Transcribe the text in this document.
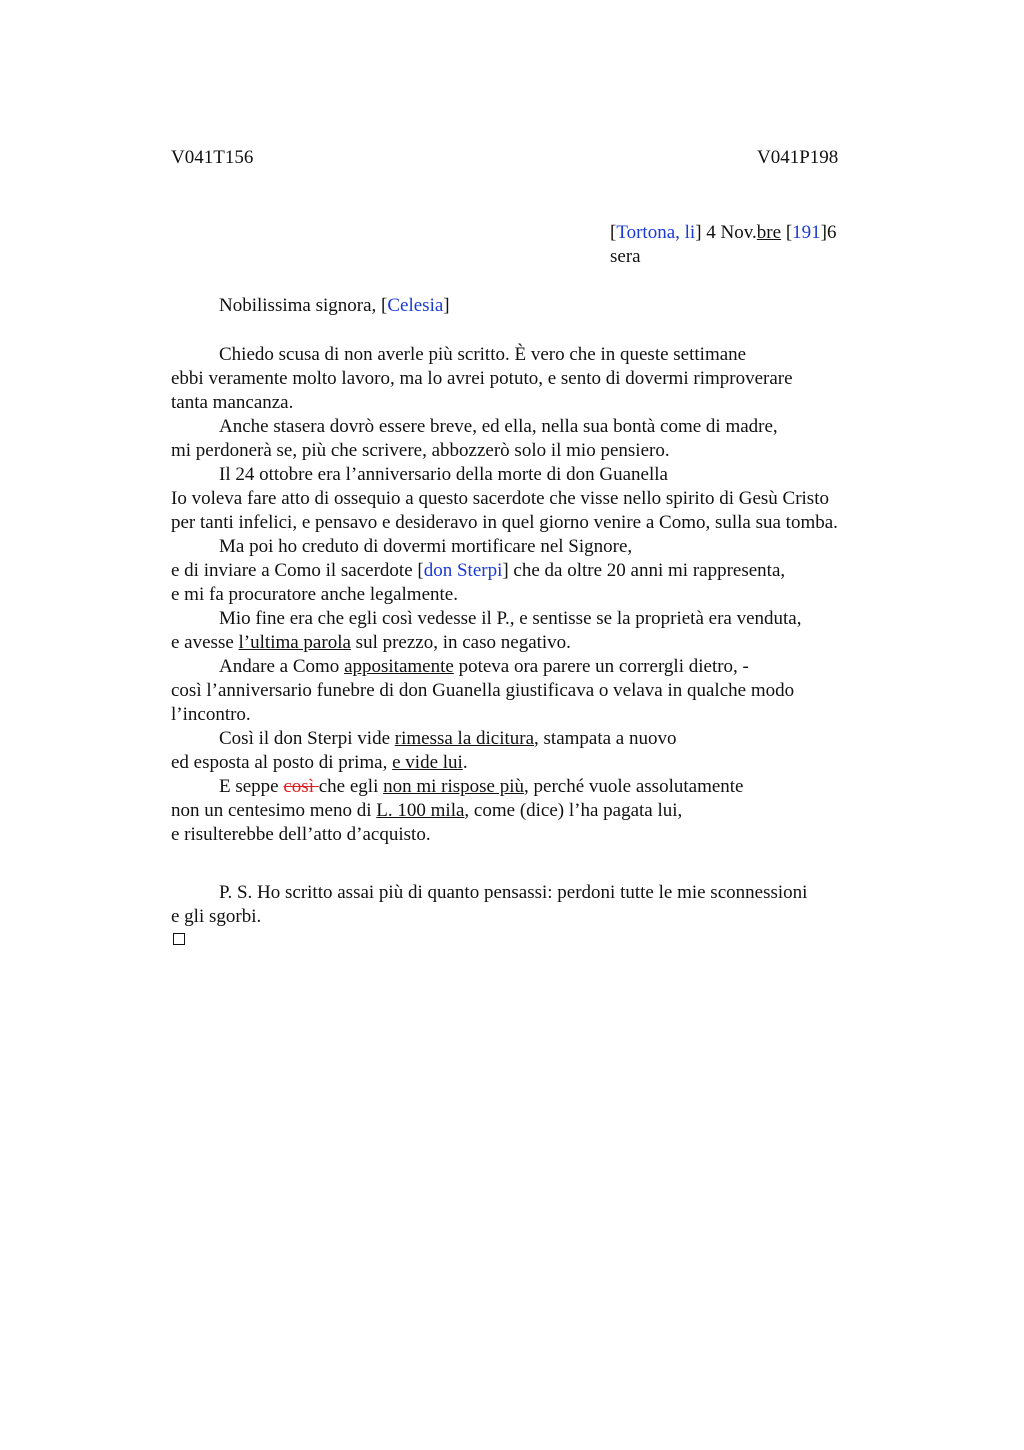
V041T156	V041P198
[Tortona, li] 4 Nov.bre [191]6
sera
Nobilissima signora, [Celesia]
Chiedo scusa di non averle più scritto. È vero che in queste settimane
ebbi veramente molto lavoro, ma lo avrei potuto, e sento di dovermi rimproverare
tanta mancanza.
Anche stasera dovrò essere breve, ed ella, nella sua bontà come di madre,
mi perdonerà se, più che scrivere, abbozzerò solo il mio pensiero.
Il 24 ottobre era l’anniversario della morte di don Guanella
Io voleva fare atto di ossequio a questo sacerdote che visse nello spirito di Gesù Cristo
per tanti infelici, e pensavo e desideravo in quel giorno venire a Como, sulla sua tomba.
Ma poi ho creduto di dovermi mortificare nel Signore,
e di inviare a Como il sacerdote [don Sterpi] che da oltre 20 anni mi rappresenta,
e mi fa procuratore anche legalmente.
Mio fine era che egli così vedesse il P., e sentisse se la proprietà era venduta,
e avesse l’ultima parola sul prezzo, in caso negativo.
Andare a Como appositamente poteva ora parere un corrergli dietro, -
così l’anniversario funebre di don Guanella giustificava o velava in qualche modo
l’incontro.
Così il don Sterpi vide rimessa la dicitura, stampata a nuovo
ed esposta al posto di prima, e vide lui.
E seppe così che egli non mi rispose più, perché vuole assolutamente
non un centesimo meno di L. 100 mila, come (dice) l’ha pagata lui,
e risulterebbe dell’atto d’acquisto.
P. S. Ho scritto assai più di quanto pensassi: perdoni tutte le mie sconnessioni
e gli sgorbi.
